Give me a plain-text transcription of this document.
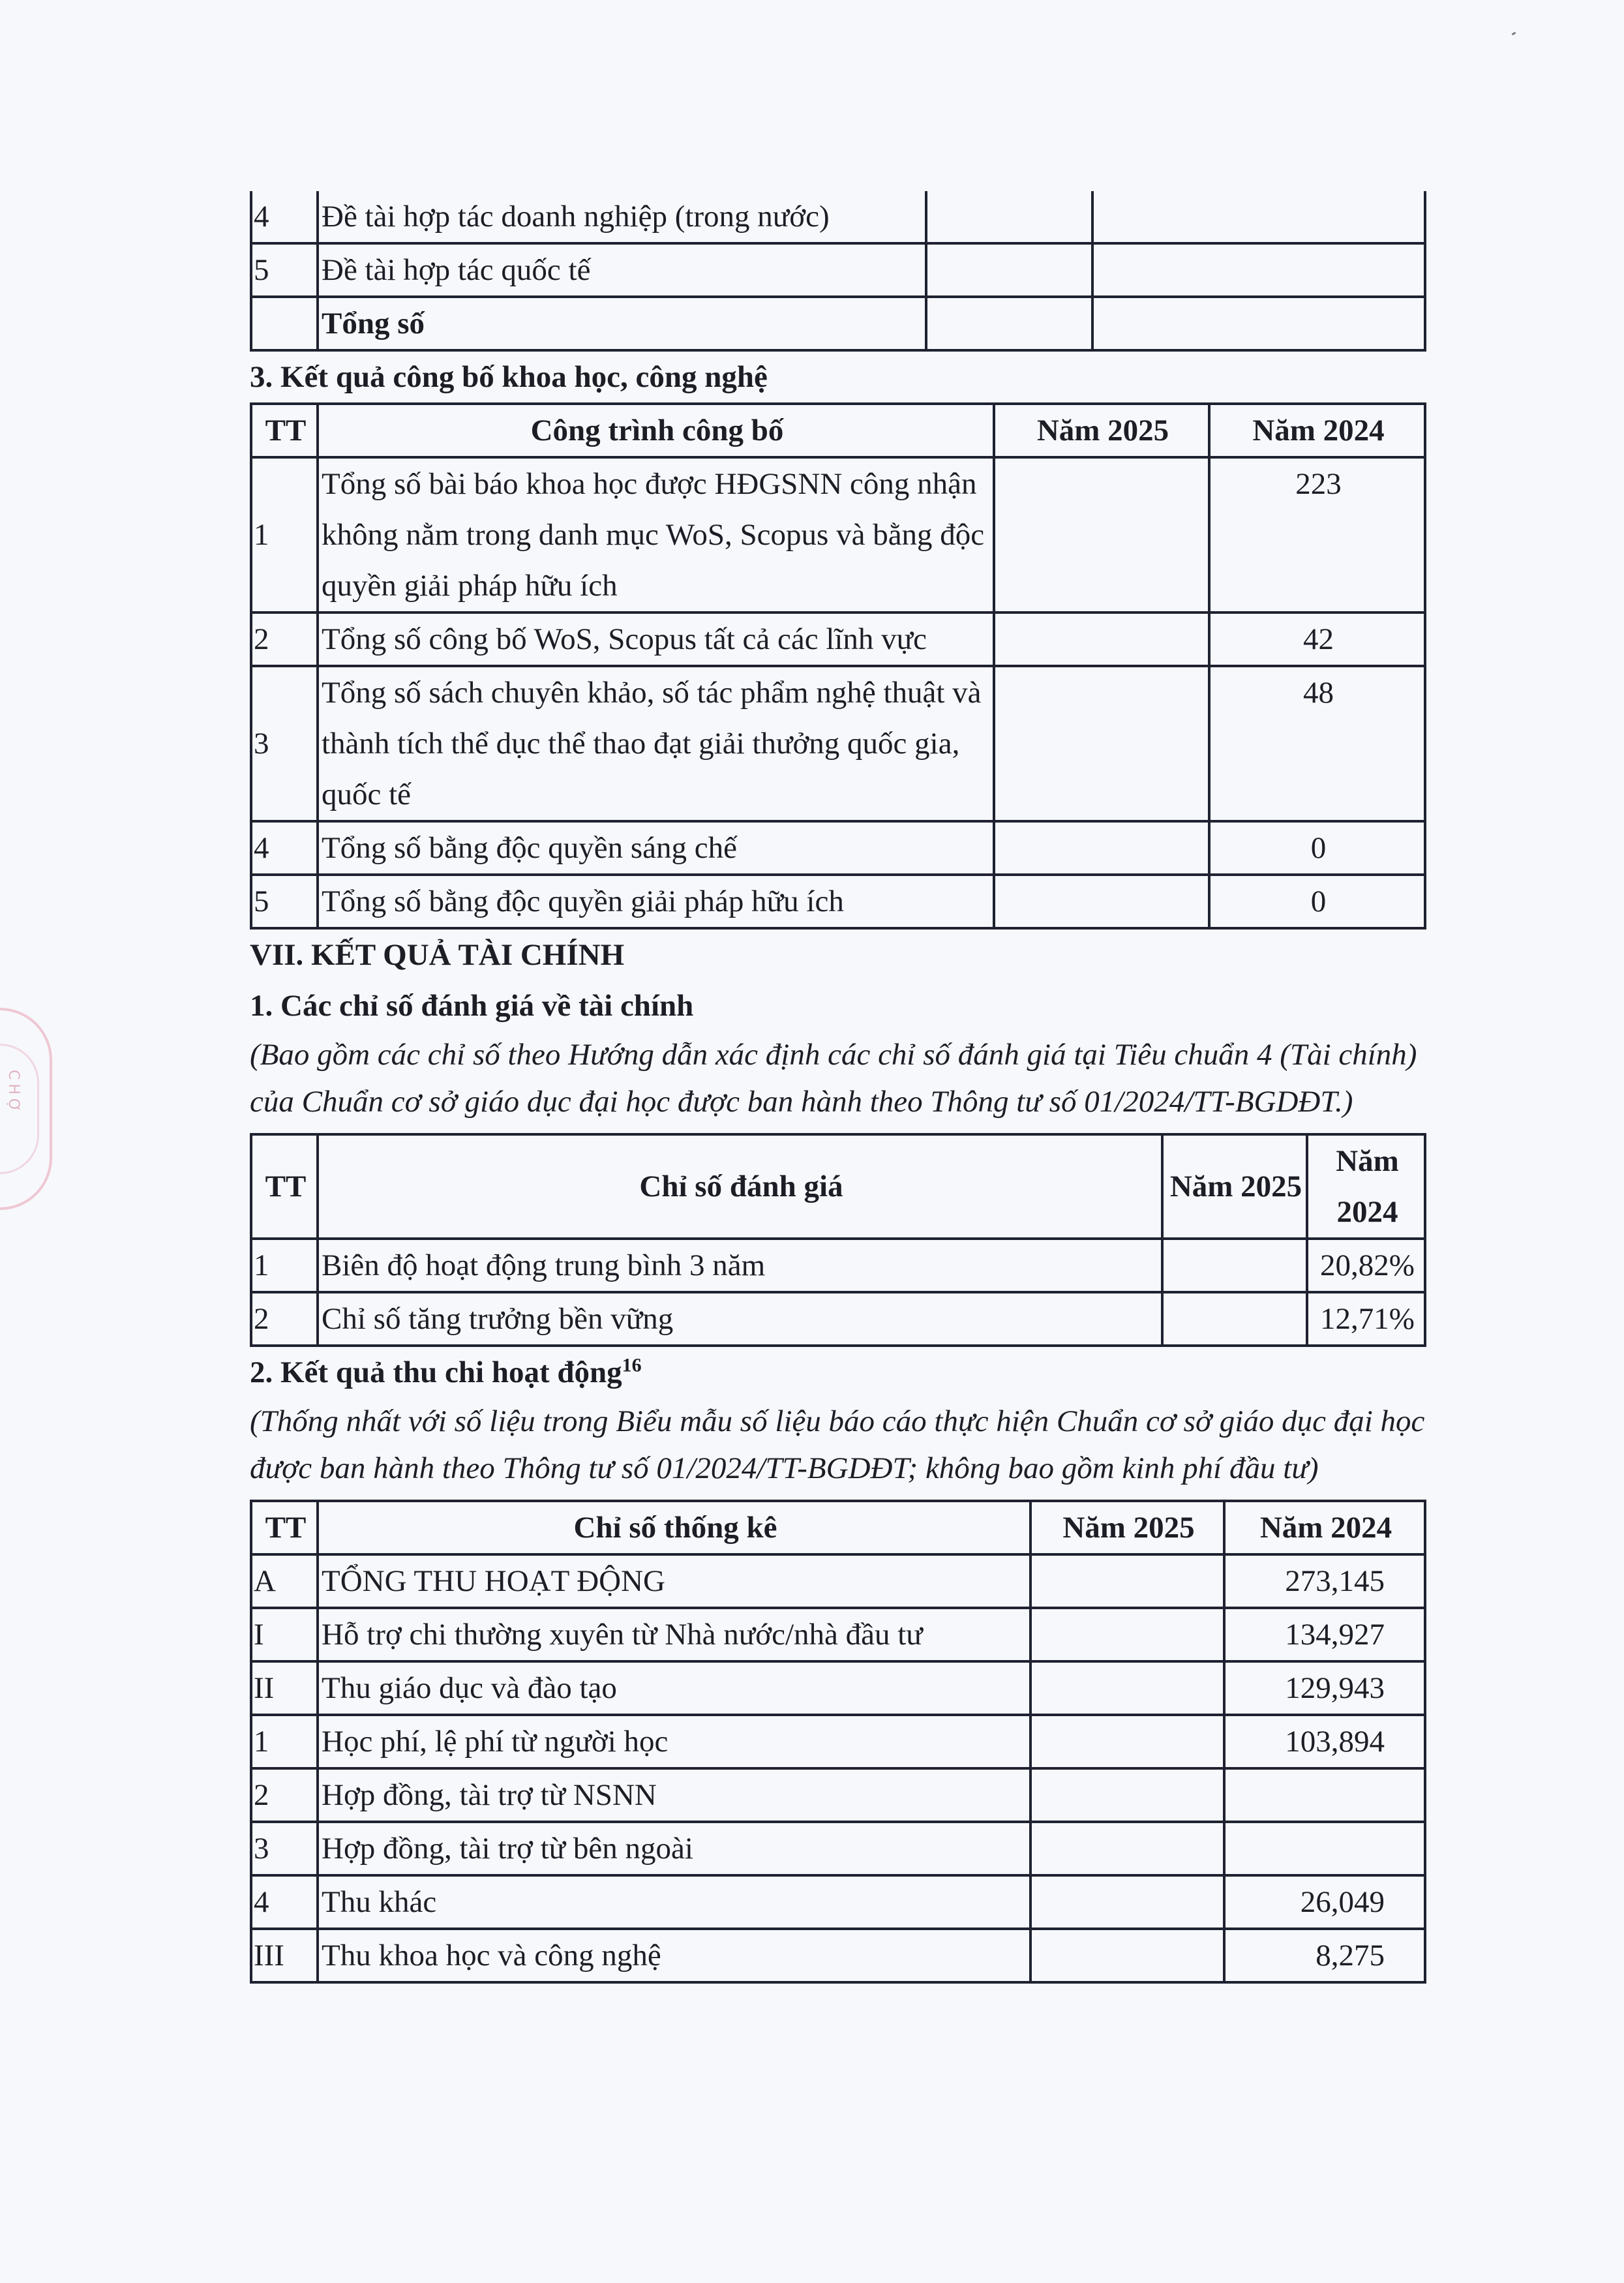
CHỢ
4	Đề tài hợp tác doanh nghiệp (trong nước)		
5	Đề tài hợp tác quốc tế		
	Tổng số		
3. Kết quả công bố khoa học, công nghệ
TT	Công trình công bố	Năm 2025	Năm 2024
1	Tổng số bài báo khoa học được HĐGSNN công nhận không nằm trong danh mục WoS, Scopus và bằng độc quyền giải pháp hữu ích		223
2	Tổng số công bố WoS, Scopus tất cả các lĩnh vực		42
3	Tổng số sách chuyên khảo, số tác phẩm nghệ thuật và thành tích thể dục thể thao đạt giải thưởng quốc gia, quốc tế		48
4	Tổng số bằng độc quyền sáng chế		0
5	Tổng số bằng độc quyền giải pháp hữu ích		0
VII. KẾT QUẢ TÀI CHÍNH
1. Các chỉ số đánh giá về tài chính
(Bao gồm các chỉ số theo Hướng dẫn xác định các chỉ số đánh giá tại Tiêu chuẩn 4 (Tài chính) của Chuẩn cơ sở giáo dục đại học được ban hành theo Thông tư số 01/2024/TT-BGDĐT.)
TT	Chỉ số đánh giá	Năm 2025	Năm 2024
1	Biên độ hoạt động trung bình 3 năm		20,82%
2	Chỉ số tăng trưởng bền vững		12,71%
2. Kết quả thu chi hoạt động$^{16}$
(Thống nhất với số liệu trong Biểu mẫu số liệu báo cáo thực hiện Chuẩn cơ sở giáo dục đại học được ban hành theo Thông tư số 01/2024/TT-BGDĐT; không bao gồm kinh phí đầu tư)
TT	Chỉ số thống kê	Năm 2025	Năm 2024
A	TỔNG THU HOẠT ĐỘNG		273,145
I	Hỗ trợ chi thường xuyên từ Nhà nước/nhà đầu tư		134,927
II	Thu giáo dục và đào tạo		129,943
1	Học phí, lệ phí từ người học		103,894
2	Hợp đồng, tài trợ từ NSNN		
3	Hợp đồng, tài trợ từ bên ngoài		
4	Thu khác		26,049
III	Thu khoa học và công nghệ		8,275
